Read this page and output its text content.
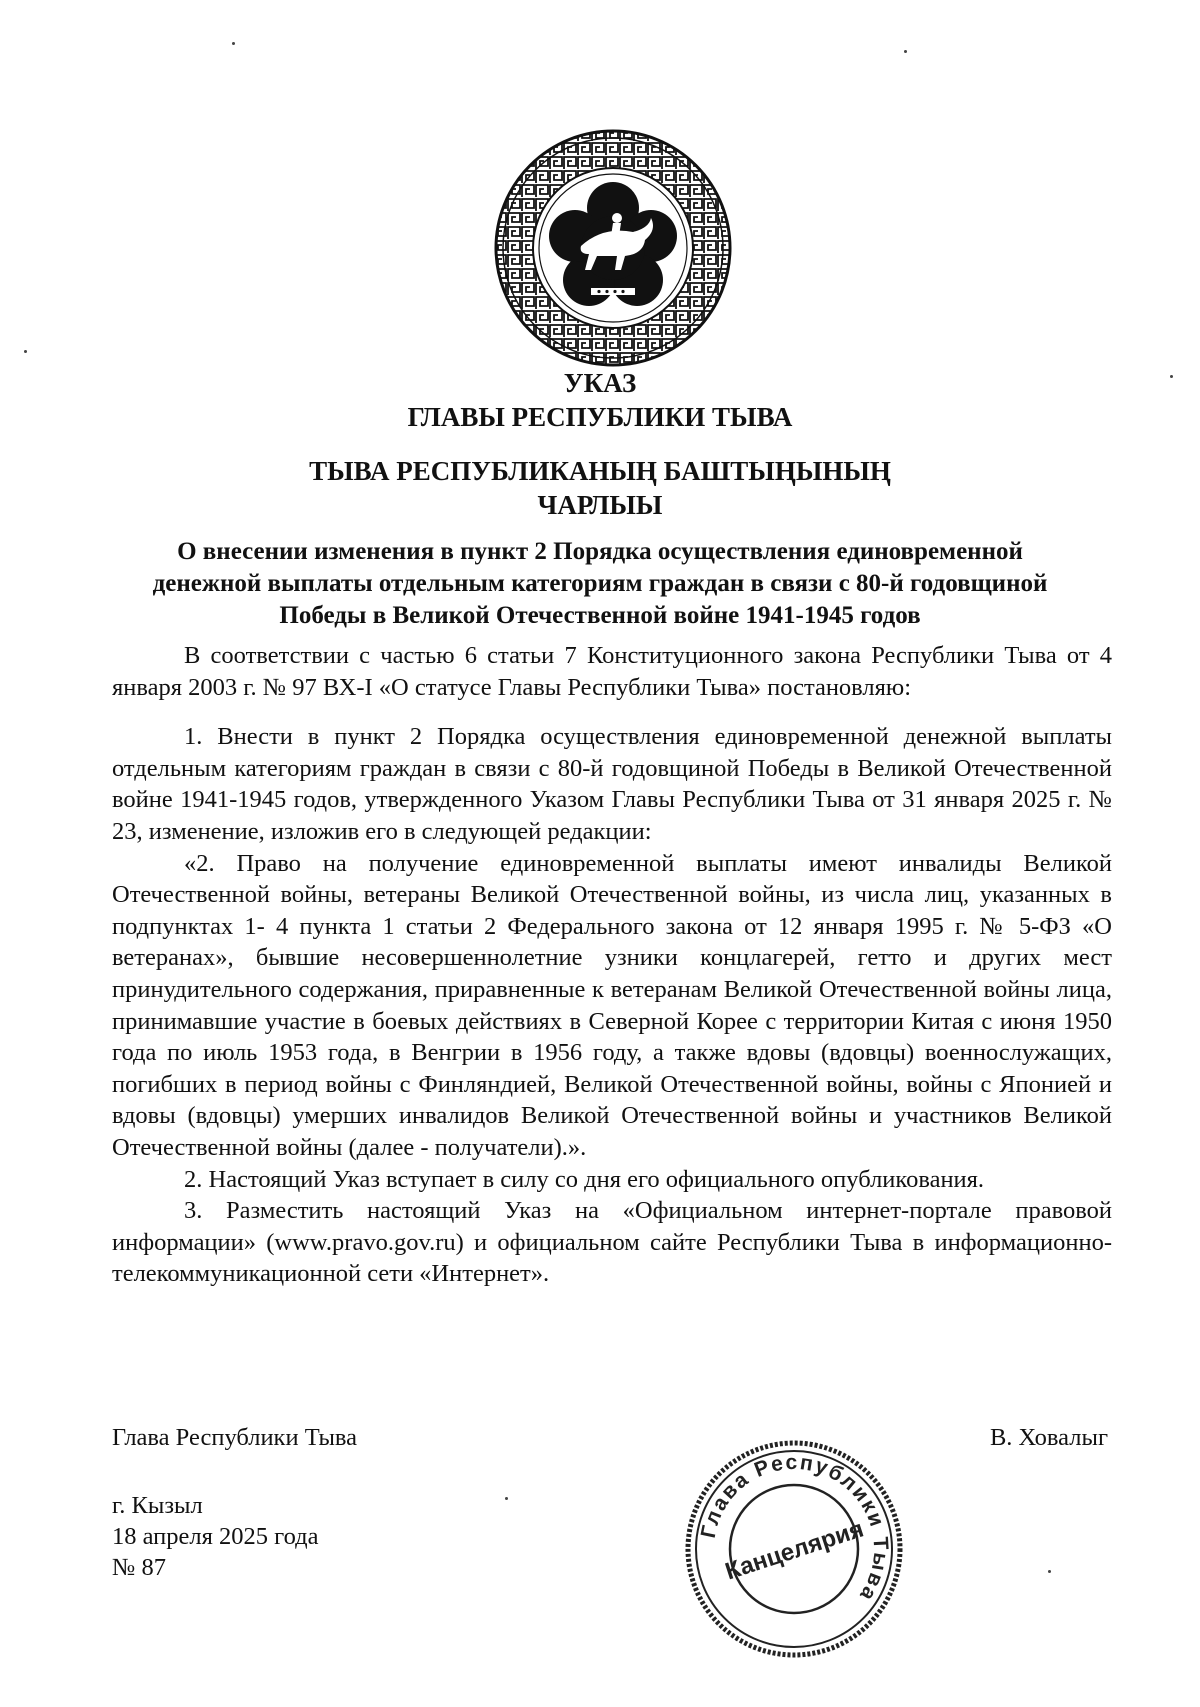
УКАЗ
ГЛАВЫ РЕСПУБЛИКИ ТЫВА
ТЫВА РЕСПУБЛИКАНЫҢ БАШТЫҢЫНЫҢ
ЧАРЛЫЫ
О внесении изменения в пункт 2 Порядка осуществления единовременной
денежной выплаты отдельным категориям граждан в связи с 80-й годовщиной
Победы в Великой Отечественной войне 1941-1945 годов

В соответствии с частью 6 статьи 7 Конституционного закона Республики Тыва от 4 января 2003 г. № 97 ВХ-I «О статусе Главы Республики Тыва» постановляю:

1. Внести в пункт 2 Порядка осуществления единовременной денежной выплаты отдельным категориям граждан в связи с 80-й годовщиной Победы в Великой Отечественной войне 1941-1945 годов, утвержденного Указом Главы Республики Тыва от 31 января 2025 г. № 23, изменение, изложив его в следующей редакции:

«2. Право на получение единовременной выплаты имеют инвалиды Великой Отечественной войны, ветераны Великой Отечественной войны, из числа лиц, указанных в подпунктах 1- 4 пункта 1 статьи 2 Федерального закона от 12 января 1995 г. № 5-ФЗ «О ветеранах», бывшие несовершеннолетние узники концлагерей, гетто и других мест принудительного содержания, приравненные к ветеранам Великой Отечественной войны лица, принимавшие участие в боевых действиях в Северной Корее с территории Китая с июня 1950 года по июль 1953 года, в Венгрии в 1956 году, а также вдовы (вдовцы) военнослужащих, погибших в период войны с Финляндией, Великой Отечественной войны, войны с Японией и вдовы (вдовцы) умерших инвалидов Великой Отечественной войны и участников Великой Отечественной войны (далее - получатели).».

2. Настоящий Указ вступает в силу со дня его официального опубликования.

3. Разместить настоящий Указ на «Официальном интернет-портале правовой информации» (www.pravo.gov.ru) и официальном сайте Республики Тыва в информационно-телекоммуникационной сети «Интернет».

Глава Республики Тыва	В. Ховалыг
г. Кызыл
18 апреля 2025 года
№ 87
Глава Республики Тыва
Канцелярия
